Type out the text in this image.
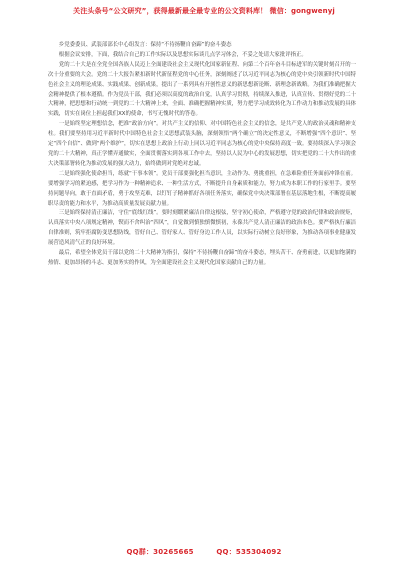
关注头条号“公文研究”，获得最新最全最专业的公文资料库！ 微信：gongwenyj

乡党委委员、武装部部长中心组发言：保持“不待扬鞭自奋蹄”的奋斗姿态

根据会议安排，下面，我结合自己的工作实际以及思想实际谈几点学习体会，不妥之处请大家批评指正。

党的二十大是在全党全国各族人民迈上全面建设社会主义现代化国家新征程、向第二个百年奋斗目标进军的关键时刻召开的一次十分重要的大会。党的二十大报告紧扣新时代新征程党的中心任务，深刻阐述了以习近平同志为核心的党中央引领新时代中国特色社会主义的理论成果、实践成果、创新成果，提出了一系列具有开创性意义的新思想新论断、新理念新战略。为我们准确把握大会精神提供了根本遵循。作为党员干部，我们必须以高度的政治自觉，认真学习贯彻，持续深入推进，认真宣传、贯彻好党的二十大精神，把思想和行动统一到党的二十大精神上来，全面、准确把握精神实质，努力把学习成效转化为工作动力和推动发展的具体实践，切实在岗位上担起我们XX的使命，书写无愧时代的答卷。

一是始终坚定理想信念，把准“政治方向”。对共产主义的信仰、对中国特色社会主义的信念，是共产党人的政治灵魂和精神支柱。我们要坚持用习近平新时代中国特色社会主义思想武装头脑，深刻领悟“两个确立”的决定性意义，不断增强“四个意识”、坚定“四个自信”、做到“两个维护”，切实在思想上政治上行动上同以习近平同志为核心的党中央保持高度一致。要持续深入学习领会党的二十大精神，真正学懂弄通做实，全面贯彻落实到各项工作中去，坚持以人民为中心的发展思想，切实把党的二十大作出的重大决策部署转化为推动发展的强大动力，始终做到对党绝对忠诚。

二是始终强化使命担当，练就“干事本领”。党员干部要强化担当意识，主动作为、勇挑重担，在急难险重任务面前冲锋在前。要增强学习的紧迫感，把学习作为一种精神追求、一种生活方式，不断提升自身素质和能力，努力成为本职工作的行家里手。要坚持问题导向，敢于直面矛盾，勇于攻坚克难，以钉钉子精神抓好各项任务落实，确保党中央决策部署在基层落地生根，不断提高履职尽责的能力和水平，为推动高质量发展贡献力量。

三是始终保持清正廉洁，守住“底线红线”。要时刻绷紧廉洁自律这根弦，坚守初心使命，严格遵守党的政治纪律和政治规矩，认真落实中央八项规定精神，锲而不舍纠治“四风”，自觉做到慎独慎微慎初，永葆共产党人清正廉洁的政治本色。要严格执行廉洁自律准则，筑牢拒腐防变思想防线，管好自己、管好家人、管好身边工作人员，以实际行动树立良好形象，为推动各项事业健康发展营造风清气正的良好环境。

最后，希望全体党员干部以党的二十大精神为指引，保持“不待扬鞭自奋蹄”的奋斗姿态，埋头苦干、奋勇前进，以更加饱满的热情、更加昂扬的斗志、更加务实的作风，为全面建设社会主义现代化国家贡献自己的力量。

QQ群：30265665	QQ：535304092
